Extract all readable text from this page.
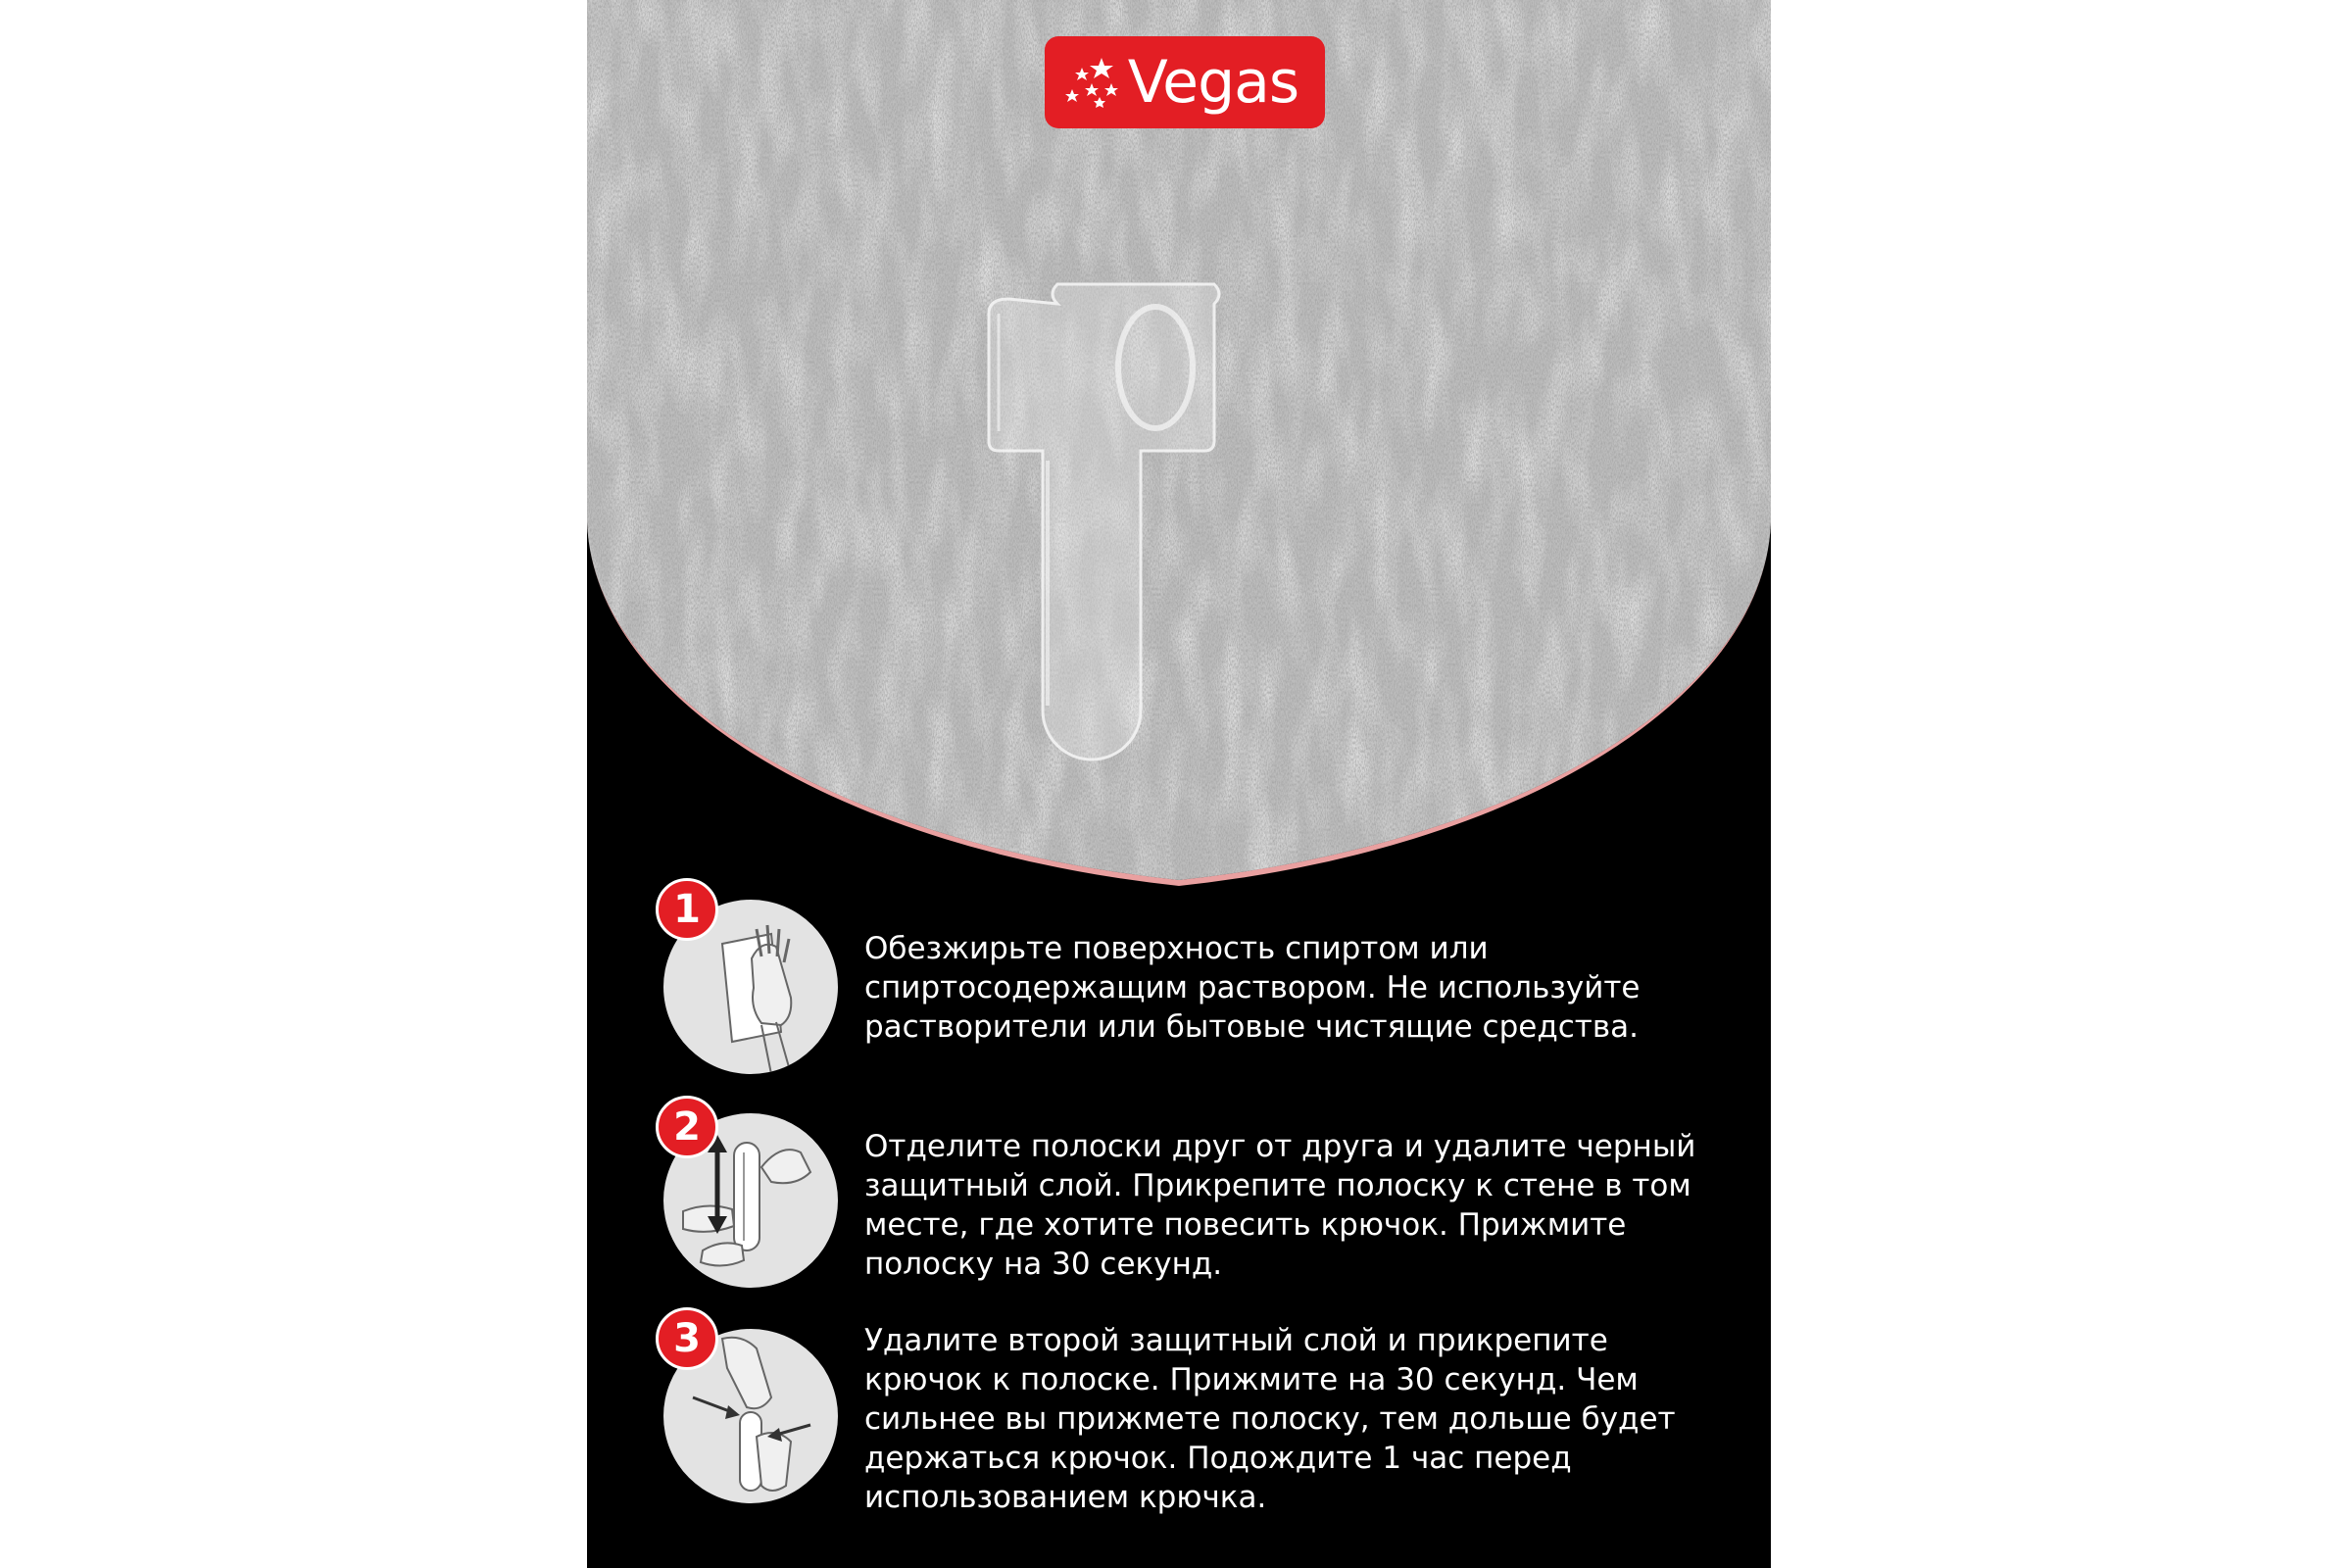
Vegas
1
Обезжирьте поверхность спиртом или спиртосодержащим раствором. Не используйте растворители или бытовые чистящие средства.
2	Отделите полоски друг от друга и удалите черный защитный слой. Прикрепите полоску к стене в том месте, где хотите повесить крючок. Прижмите полоску на 30 секунд.
3	Удалите второй защитный слой и прикрепите крючок к полоске. Прижмите на 30 секунд. Чем сильнее вы прижмете полоску, тем дольше будет держаться крючок. Подождите 1 час перед использованием крючка.
